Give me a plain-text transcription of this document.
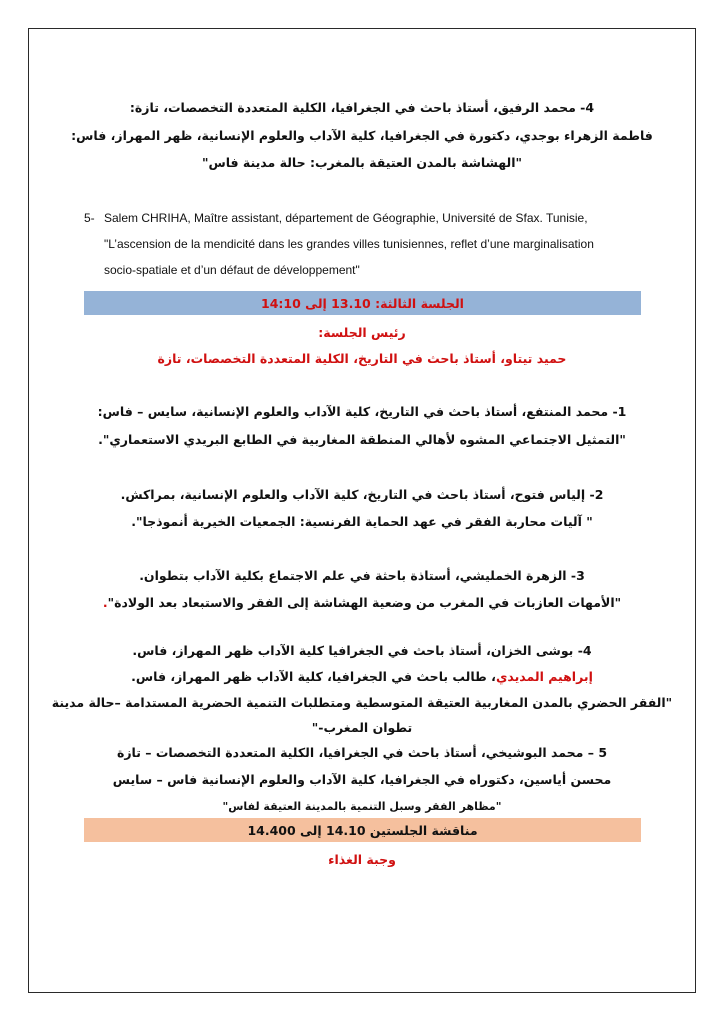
4- محمد الرفيق، أستاذ باحث في الجغرافيا، الكلية المتعددة التخصصات، تازة:
فاطمة الزهراء بوجدي، دكتورة في الجغرافيا، كلية الآداب والعلوم الإنسانية، ظهر المهراز، فاس:
"الهشاشة بالمدن العتيقة بالمغرب: حالة مدينة فاس"
5- Salem CHRIHA, Maître assistant, département de Géographie, Université de Sfax. Tunisie,
"L’ascension de la mendicité dans les grandes villes tunisiennes, reflet d’une marginalisation
socio-spatiale et d’un défaut de développement"
الجلسة الثالثة: 13.10 إلى 14:10
رئيس الجلسة:
حميد تيتاو، أستاذ باحث في التاريخ، الكلية المتعددة التخصصات، تازة
1- محمد المنتفع، أستاذ باحث في التاريخ، كلية الآداب والعلوم الإنسانية، سايس – فاس:
"التمثيل الاجتماعي المشوه لأهالي المنطقة المغاربية في الطابع البريدي الاستعماري".
2- إلياس فتوح، أستاذ باحث في التاريخ، كلية الآداب والعلوم الإنسانية، بمراكش.
" آليات محاربة الفقر في عهد الحماية الفرنسية: الجمعيات الخيرية أنموذجا".
3- الزهرة الخمليشي، أستاذة باحثة في علم الاجتماع بكلية الآداب بتطوان.
"الأمهات العازبات في المغرب من وضعية الهشاشة إلى الفقر والاستبعاد بعد الولادة".
4- بوشى الخزان، أستاذ باحث في الجغرافيا كلية الآداب ظهر المهراز، فاس.
إبراهيم المديدي، طالب باحث في الجغرافيا، كلية الآداب ظهر المهراز، فاس.
"الفقر الحضري بالمدن المغاربية العتيقة المتوسطية ومتطلبات التنمية الحضرية المستدامة –حالة مدينة
تطوان المغرب-"
5 – محمد البوشيخي، أستاذ باحث في الجغرافيا، الكلية المتعددة التخصصات – تازة
محسن أياسين، دكتوراه في الجغرافيا، كلية الآداب والعلوم الإنسانية فاس – سايس
"مظاهر الفقر وسبل التنمية بالمدينة العتيقة لفاس"
مناقشة الجلستين 14.10 إلى 14.400
وجبة الغذاء
